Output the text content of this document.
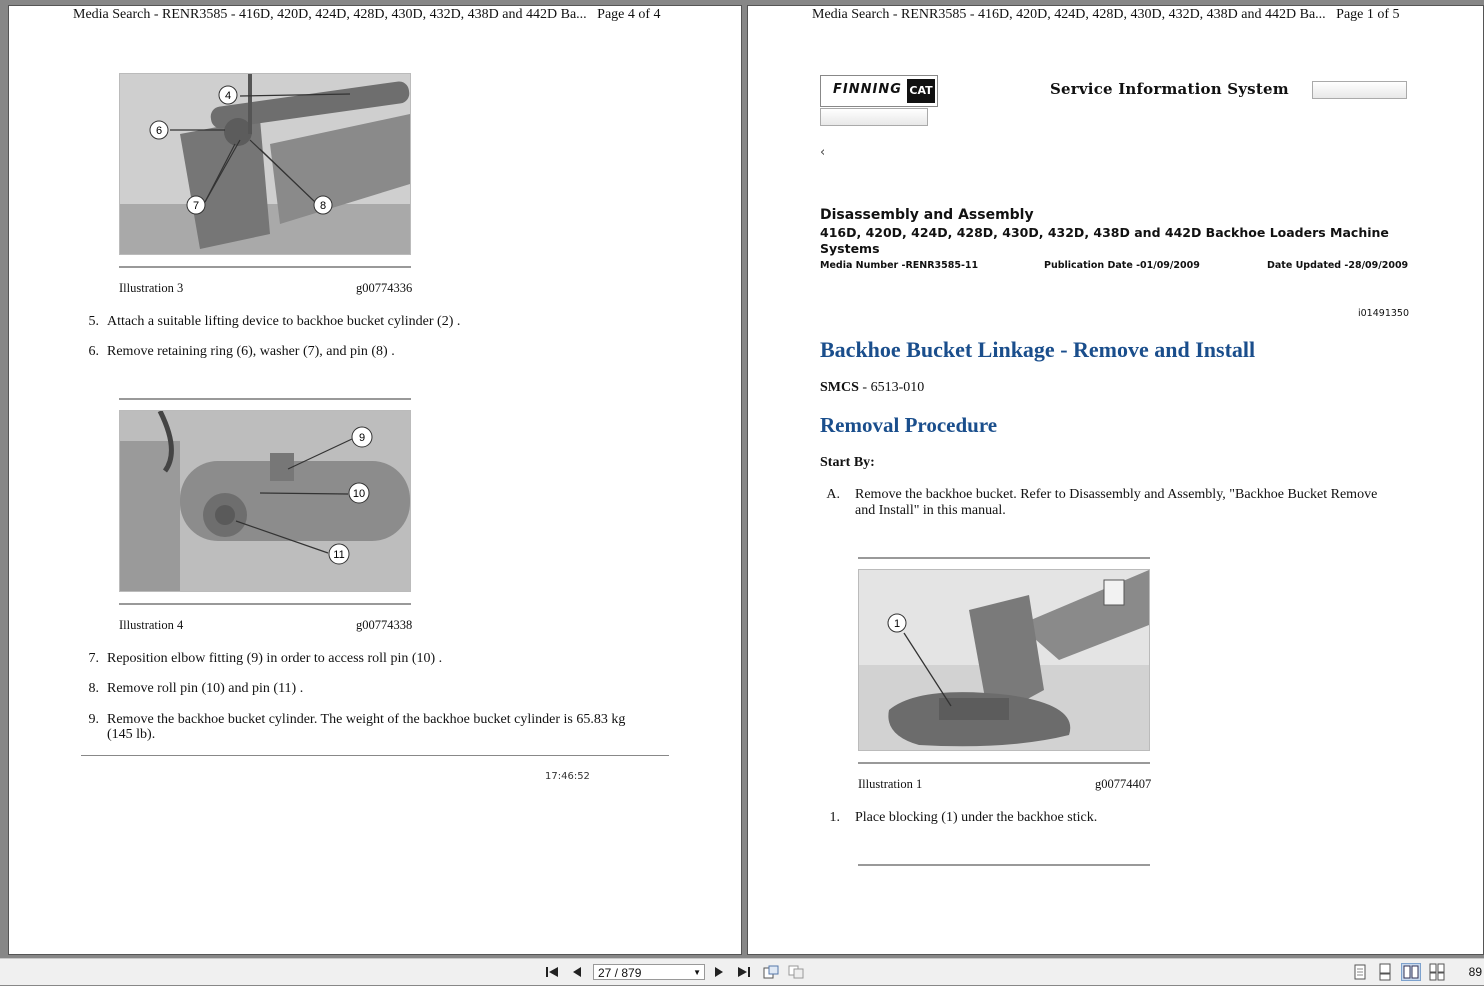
Media Search - RENR3585 - 416D, 420D, 424D, 428D, 430D, 432D, 438D and 442D Ba... Page 4 of 4
4
6
7	8
Illustration 3	g00774336
5. Attach a suitable lifting device to backhoe bucket cylinder (2) .
6. Remove retaining ring (6), washer (7), and pin (8) .
9
10
11
Illustration 4	g00774338
7. Reposition elbow fitting (9) in order to access roll pin (10) .
8. Remove roll pin (10) and pin (11) .
9. Remove the backhoe bucket cylinder. The weight of the backhoe bucket cylinder is 65.83 kg
(145 lb).
17:46:52
Media Search - RENR3585 - 416D, 420D, 424D, 428D, 430D, 432D, 438D and 442D Ba... Page 1 of 5
FINNING CAT	Service Information System
‹
Disassembly and Assembly
416D, 420D, 424D, 428D, 430D, 432D, 438D and 442D Backhoe Loaders Machine
Systems
Media Number -RENR3585-11	Publication Date -01/09/2009	Date Updated -28/09/2009
i01491350
Backhoe Bucket Linkage - Remove and Install
SMCS - 6513-010
Removal Procedure
Start By:
A. Remove the backhoe bucket. Refer to Disassembly and Assembly, "Backhoe Bucket Remove
and Install" in this manual.
1
Illustration 1	g00774407
1. Place blocking (1) under the backhoe stick.
27 / 879	▼	89
